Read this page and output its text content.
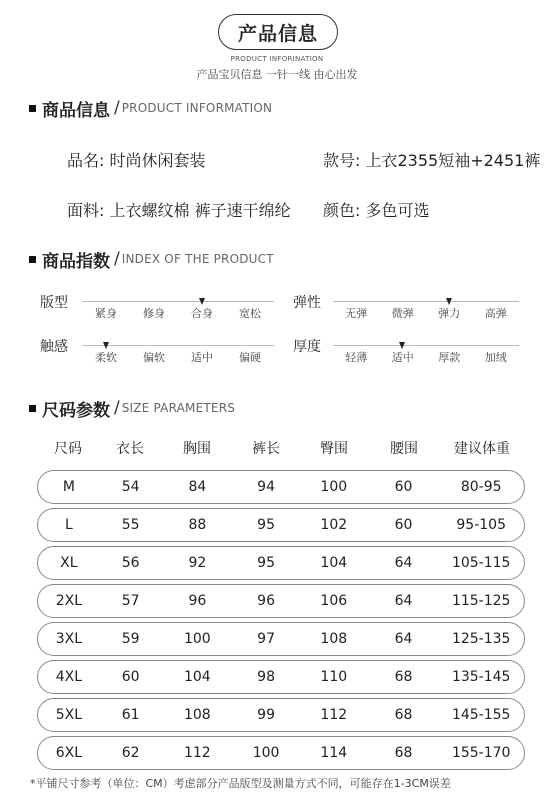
产品信息
PRODUCT INFORINATION
产品宝贝信息 一针一线 由心出发
商品信息 / PRODUCT INFORMATION
品名: 时尚休闲套装	款号: 上衣2355短袖+2451裤
面料: 上衣螺纹棉 裤子速干绵纶 颜色: 多色可选
商品指数 / INDEX OF THE PRODUCT
版型
紧身	修身	合身	宽松
弹性
无弹	微弹	弹力	高弹
触感
柔软	偏软	适中	偏硬
厚度
轻薄	适中	厚款	加绒
尺码参数 / SIZE PARAMETERS
尺码	衣长	胸围	裤长	臀围	腰围	建议体重
M	54	84	94	100	60	80-95
L	55	88	95	102	60	95-105
XL	56	92	95	104	64	105-115
2XL	57	96	96	106	64	115-125
3XL	59	100	97	108	64	125-135
4XL	60	104	98	110	68	135-145
5XL	61	108	99	112	68	145-155
6XL	62	112	100	114	68	155-170
*平铺尺寸参考（单位：CM）考虑部分产品版型及测量方式不同，可能存在1-3CM误差
